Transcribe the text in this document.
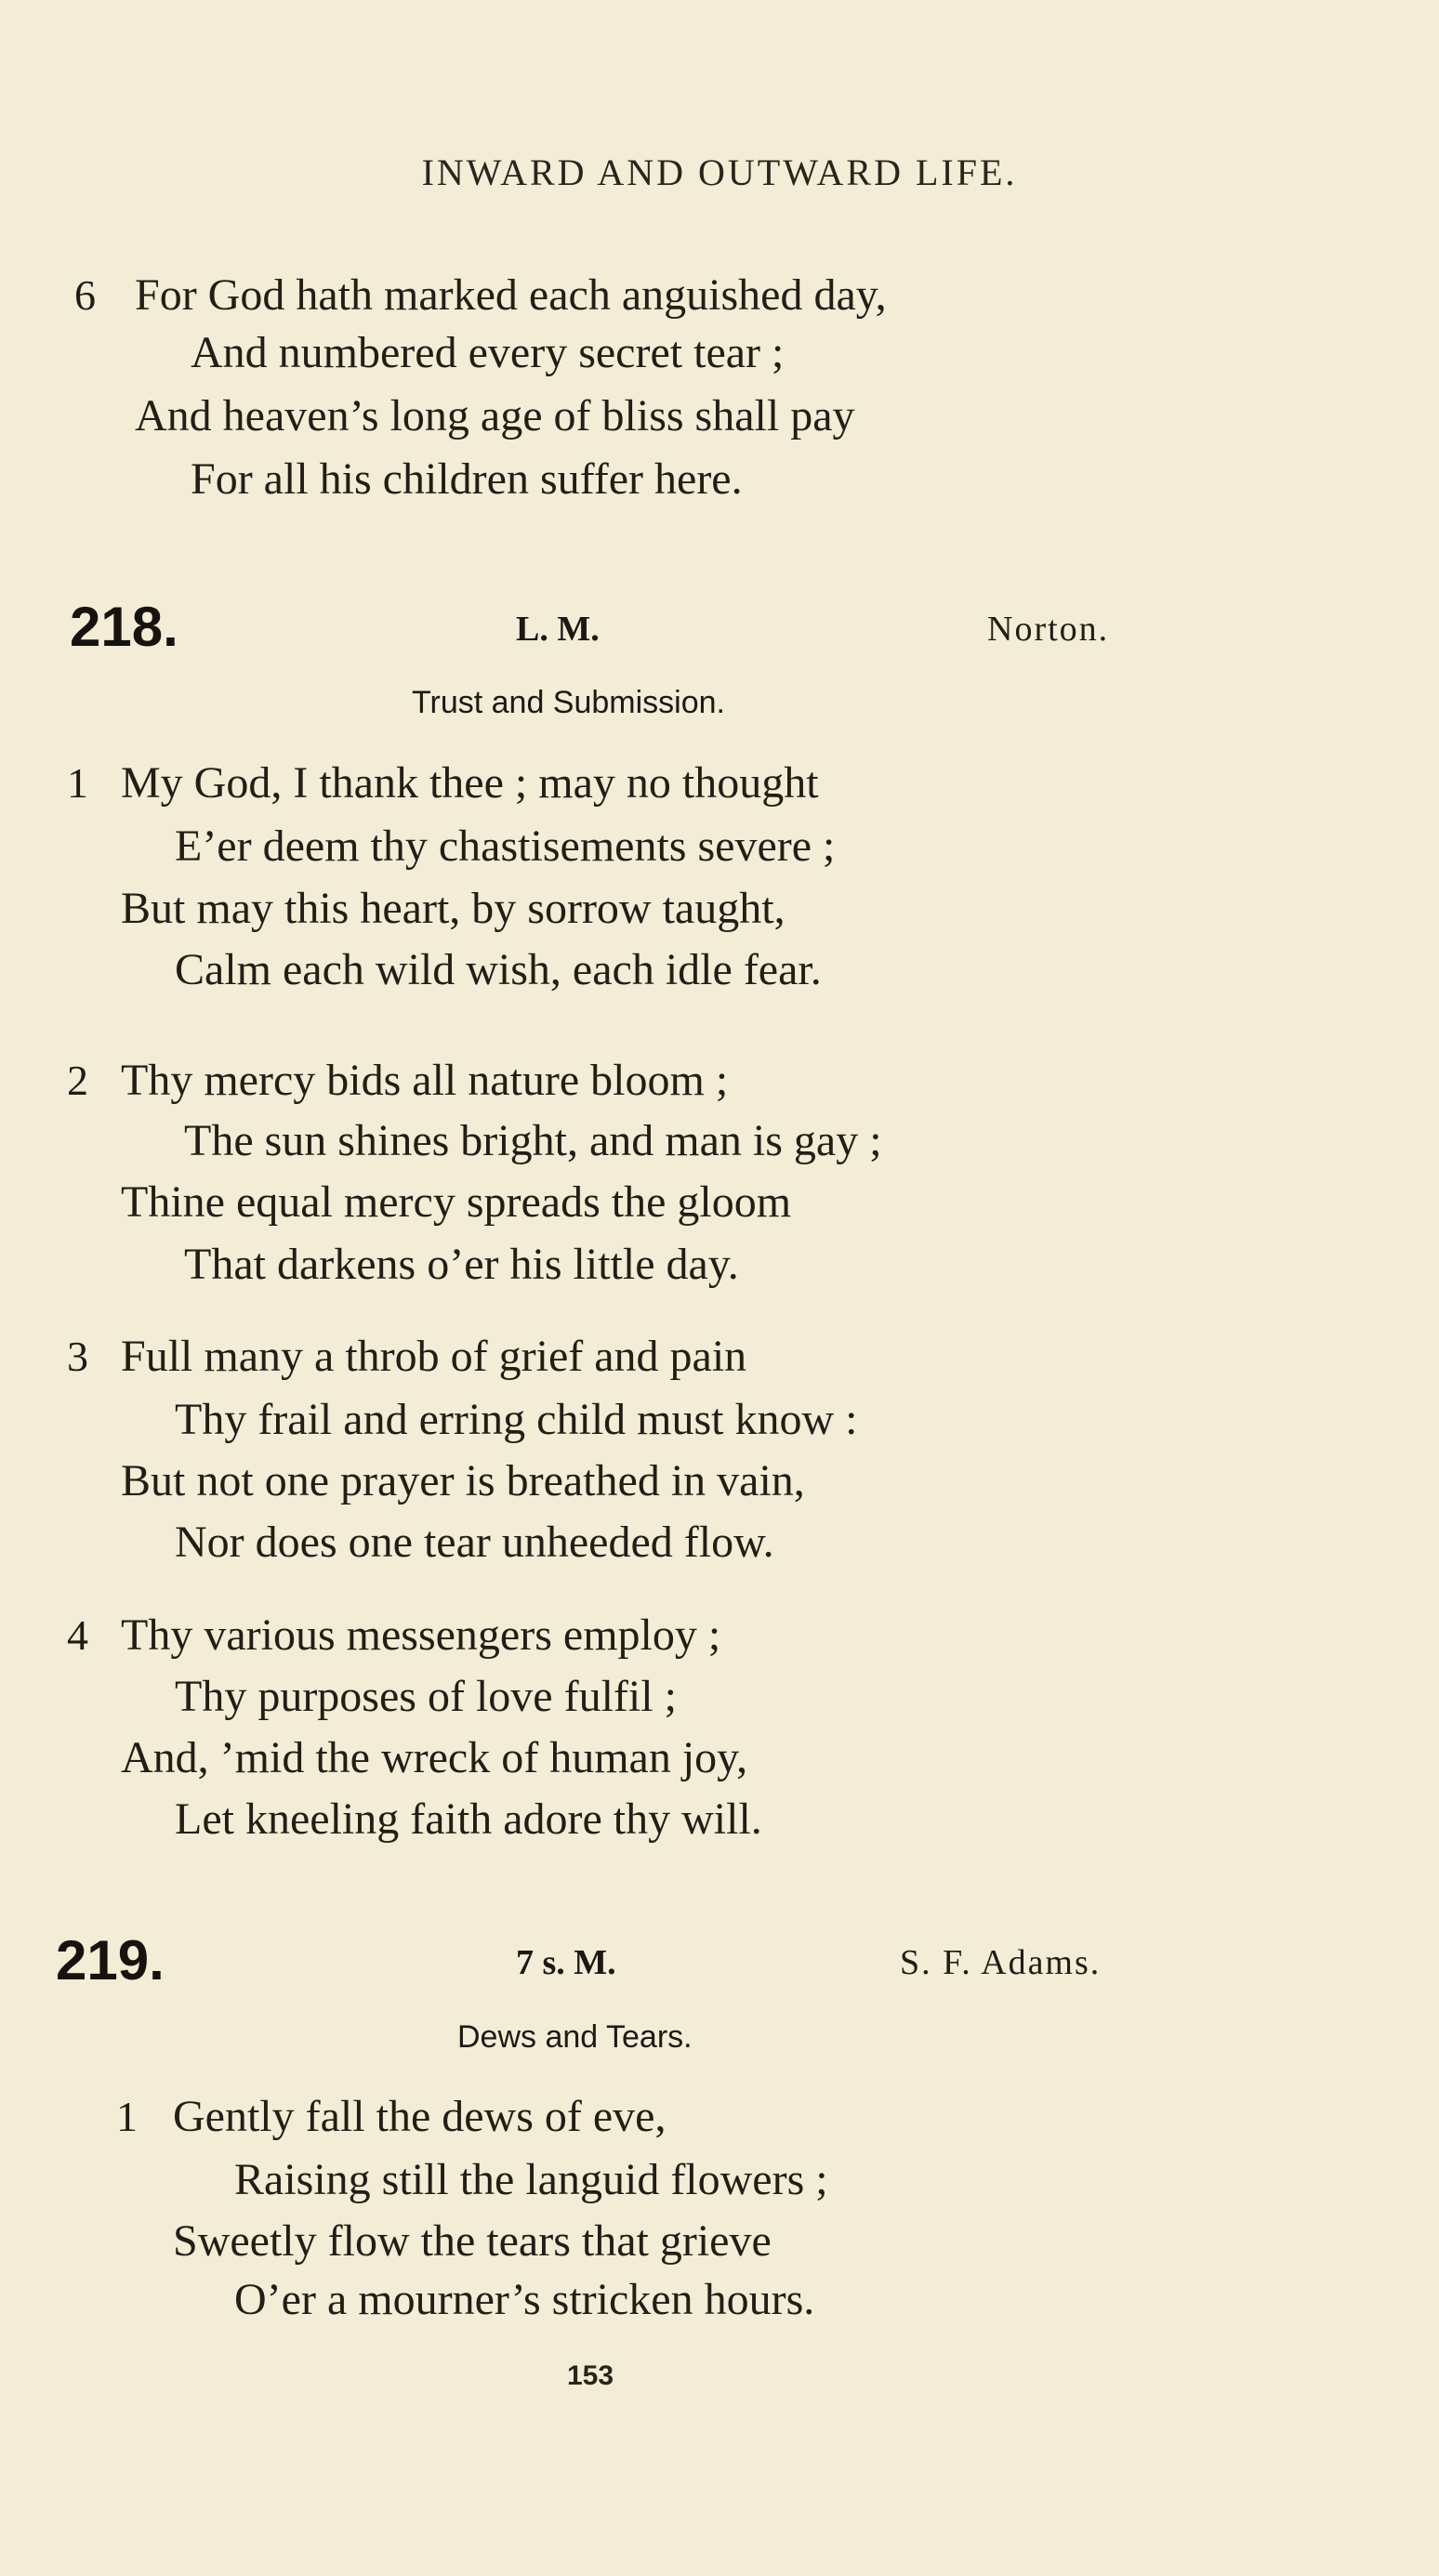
INWARD AND OUTWARD LIFE.
6 For God hath marked each anguished day,
And numbered every secret tear ;
And heaven’s long age of bliss shall pay
For all his children suffer here.
218.	L. M.	Norton.
Trust and Submission.
1 My God, I thank thee ; may no thought
E’er deem thy chastisements severe ;
But may this heart, by sorrow taught,
Calm each wild wish, each idle fear.
2 Thy mercy bids all nature bloom ;
The sun shines bright, and man is gay ;
Thine equal mercy spreads the gloom
That darkens o’er his little day.
3 Full many a throb of grief and pain
Thy frail and erring child must know :
But not one prayer is breathed in vain,
Nor does one tear unheeded flow.
4 Thy various messengers employ ;
Thy purposes of love fulfil ;
And, ’mid the wreck of human joy,
Let kneeling faith adore thy will.
219.	7 s. M.	S. F. Adams.
Dews and Tears.
1 Gently fall the dews of eve,
Raising still the languid flowers ;
Sweetly flow the tears that grieve
O’er a mourner’s stricken hours.
153
